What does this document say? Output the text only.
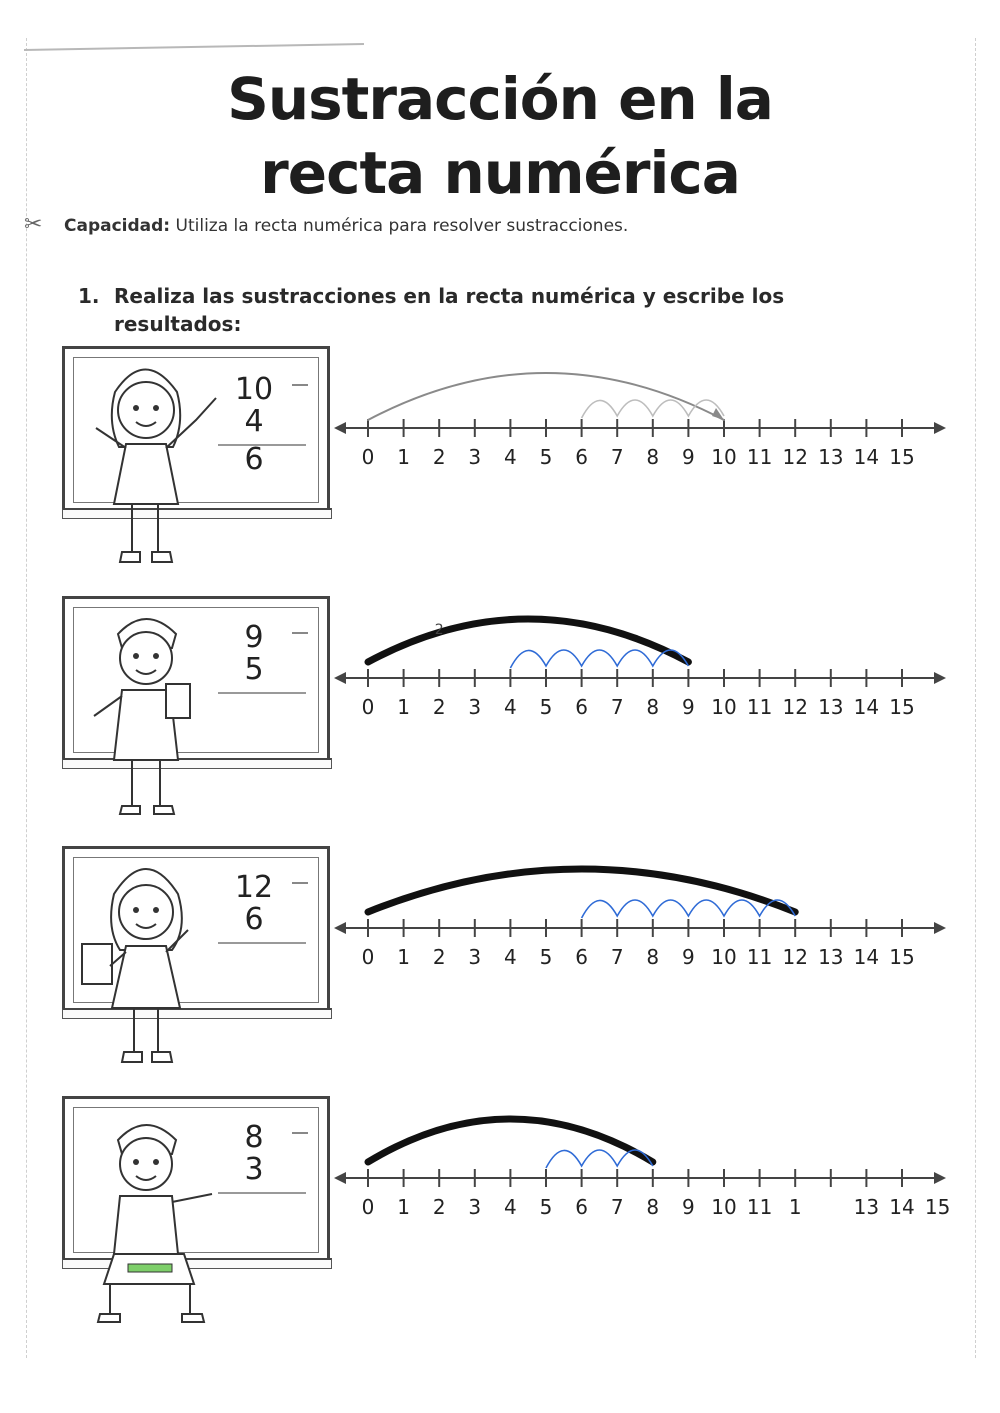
Sustracción en la
recta numérica
✂ Capacidad: Utiliza la recta numérica para resolver sustracciones.
1. Realiza las sustracciones en la recta numérica y escribe los
resultados:
10
4
6	0 1 2 3 4 5 6 7 8 9 10 11 12 13 14 15
9
5
0 1 2 3 4 5 6 7 8 9 10 11 12 13 14 15
2
12
6
0 1 2 3 4 5 6 7 8 9 10 11 12 13 14 15
8
3
0 1 2 3 4 5 6 7 8 9 10 11 1	13 14 15
